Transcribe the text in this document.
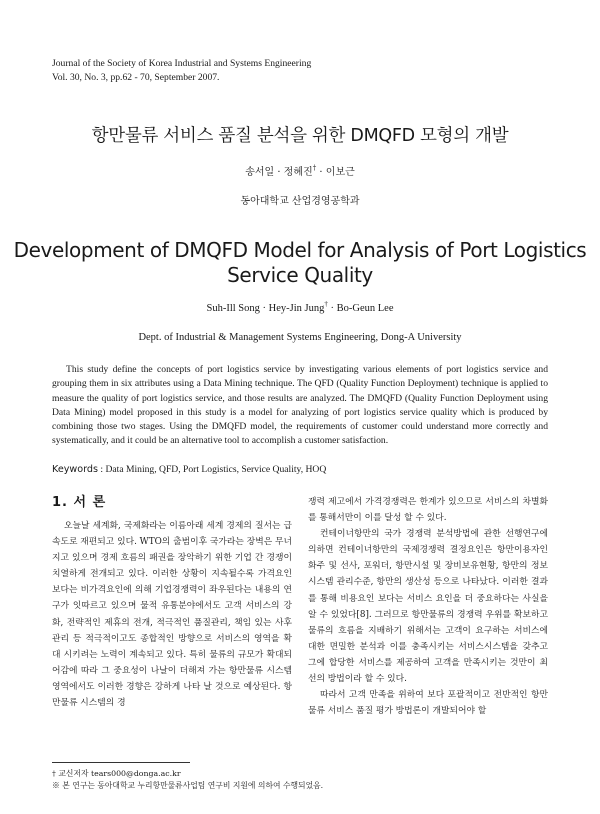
Journal of the Society of Korea Industrial and Systems Engineering
Vol. 30, No. 3, pp.62 - 70, September 2007.
항만물류 서비스 품질 분석을 위한 DMQFD 모형의 개발
송서일 · 정혜진† · 이보근
동아대학교 산업경영공학과
Development of DMQFD Model for Analysis of Port Logistics
Service Quality
Suh-Ill Song · Hey-Jin Jung† · Bo-Geun Lee
Dept. of Industrial & Management Systems Engineering, Dong-A University

This study define the concepts of port logistics service by investigating various elements of port logistics service and grouping them in six attributes using a Data Mining technique. The QFD (Quality Function Deployment) technique is applied to measure the quality of port logistics service, and those results are analyzed. The DMQFD (Quality Function Deployment using Data Mining) model proposed in this study is a model for analyzing of port logistics service quality which is produced by combining those two stages. Using the DMQFD model, the requirements of customer could understand more correctly and systematically, and it could be an alternative tool to accomplish a customer satisfaction.

Keywords : Data Mining, QFD, Port Logistics, Service Quality, HOQ
1. 서 론

오늘날 세계화, 국제화라는 이름아래 세계 경제의 질서는 급속도로 재편되고 있다. WTO의 출범이후 국가라는 장벽은 무너지고 있으며 경제 흐름의 패권을 장악하기 위한 기업 간 경쟁이 치열하게 전개되고 있다. 이러한 상황이 지속될수록 가격요인 보다는 비가격요인에 의해 기업경쟁력이 좌우된다는 내용의 연구가 잇따르고 있으며 물적 유통분야에서도 고객 서비스의 강화, 전략적인 제휴의 전개, 적극적인 품질관리, 책임 있는 사후관리 등 적극적이고도 종합적인 방향으로 서비스의 영역을 확대 시키려는 노력이 계속되고 있다. 특히 물류의 규모가 확대되어감에 따라 그 중요성이 나날이 더해져 가는 항만물류 시스템 영역에서도 이러한 경향은 강하게 나타 날 것으로 예상된다. 항만물류 시스템의 경

쟁력 제고에서 가격경쟁력은 한계가 있으므로 서비스의 차별화를 통해서만이 이를 달성 할 수 있다.

컨테이너항만의 국가 경쟁력 분석방법에 관한 선행연구에 의하면 컨테이너항만의 국제경쟁력 결정요인은 항만이용자인 화주 및 선사, 포워더, 항만시설 및 장비보유현황, 항만의 정보시스템 관리수준, 항만의 생산성 등으로 나타났다. 이러한 결과를 통해 비용요인 보다는 서비스 요인을 더 중요하다는 사실을 알 수 있었다[8]. 그러므로 항만물류의 경쟁력 우위를 확보하고 물류의 흐름을 지배하기 위해서는 고객이 요구하는 서비스에 대한 면밀한 분석과 이를 충족시키는 서비스시스템을 갖추고 그에 합당한 서비스를 제공하여 고객을 만족시키는 것만이 최선의 방법이라 할 수 있다.

따라서 고객 만족을 위하여 보다 포괄적이고 전반적인 항만물류 서비스 품질 평가 방법론이 개발되어야 할

† 교신저자 tears000@donga.ac.kr
※ 본 연구는 동아대학교 누리항만물류사업팀 연구비 지원에 의하여 수행되었음.
